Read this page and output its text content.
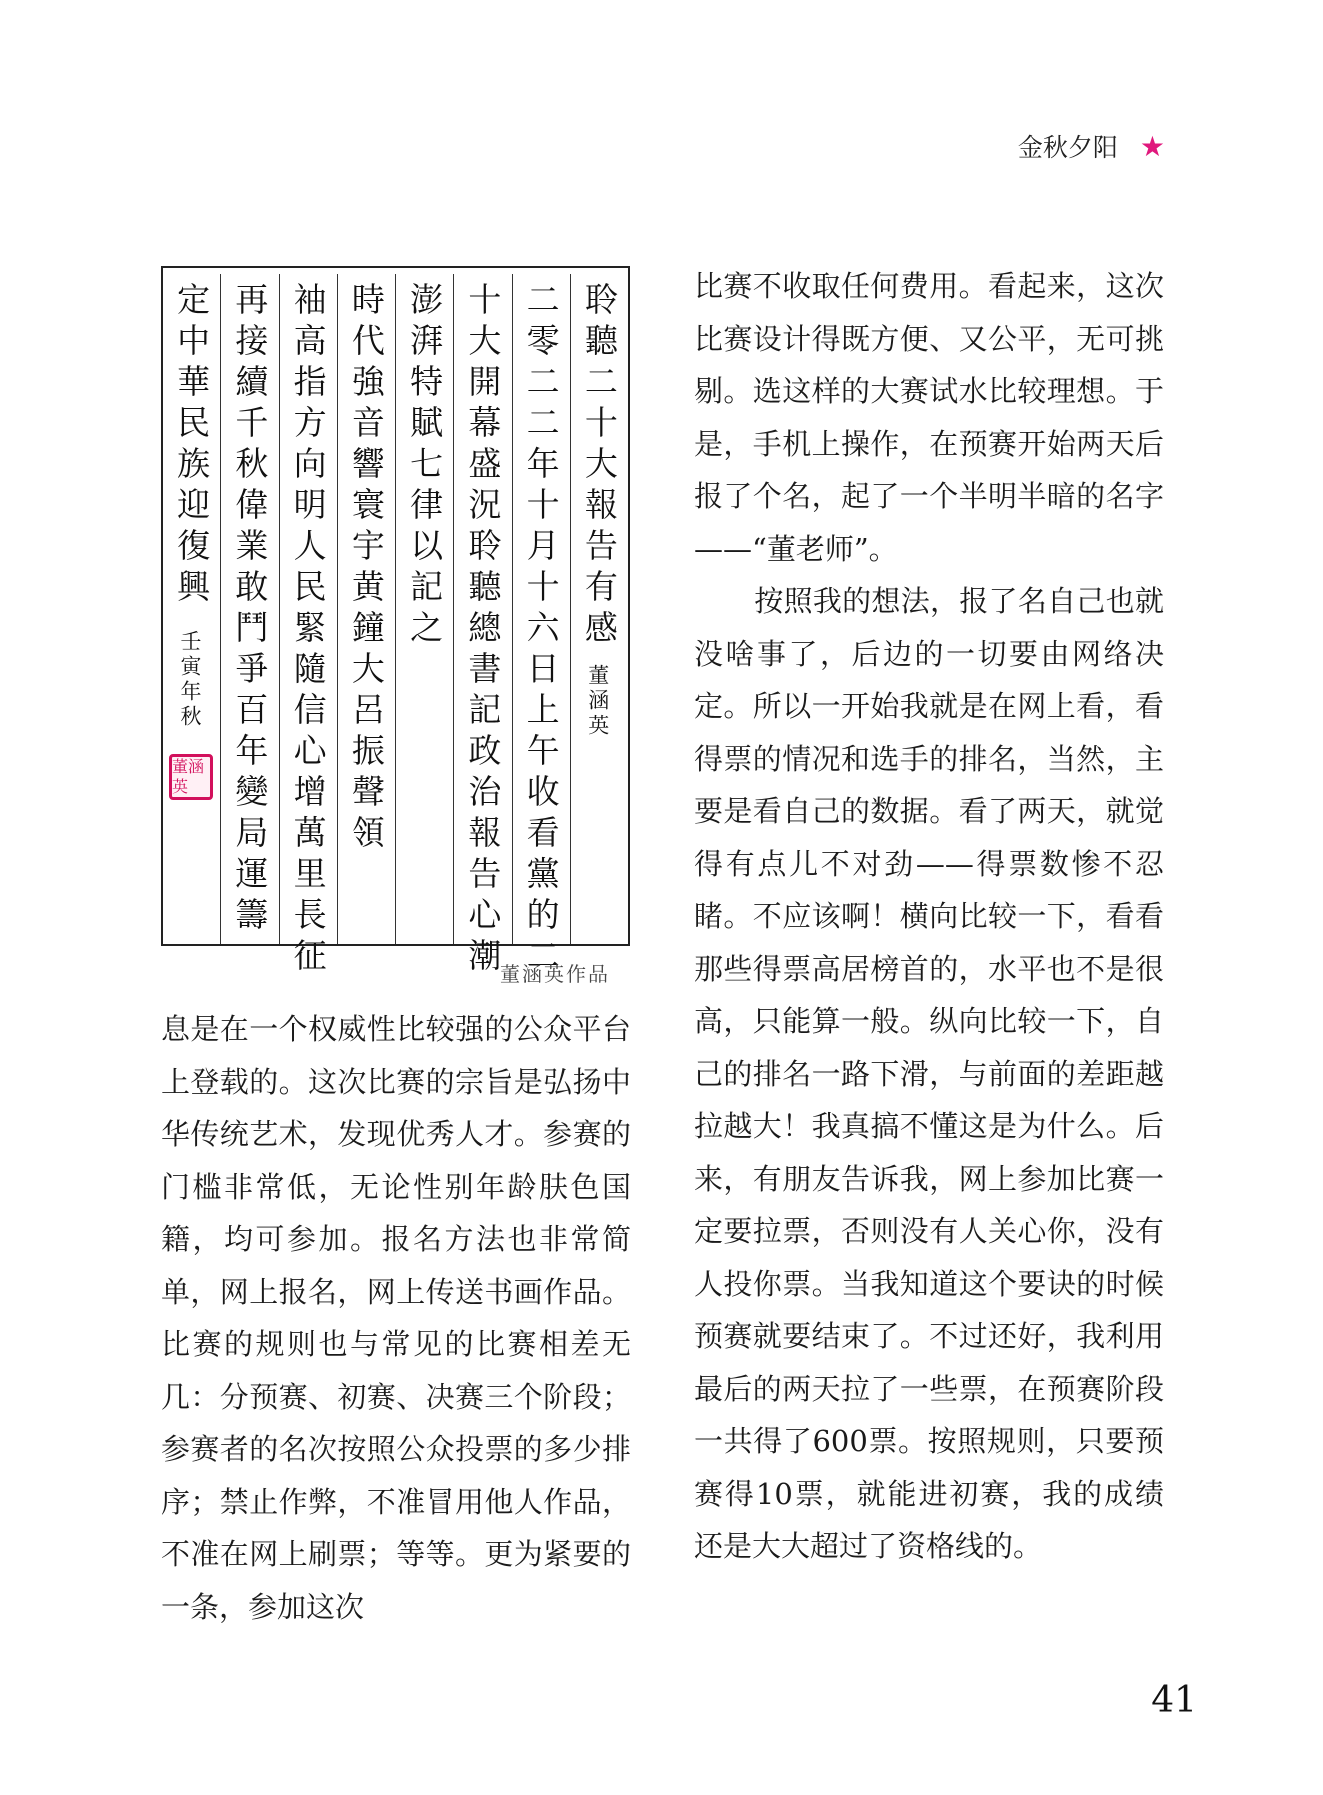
金秋夕阳 ★
聆聽二十大報告有感
董涵英
二零二二年十月十六日上午收看黨的二
十大開幕盛況聆聽總書記政治報告心潮
澎湃特賦七律以記之
時代強音響寰宇黄鐘大呂振聲領
袖高指方向明人民緊隨信心增萬里長征
再接續千秋偉業敢鬥爭百年變局運籌
定中華民族迎復興
壬寅年秋
董涵英
董涵英作品

息是在一个权威性比较强的公众平台上登载的。这次比赛的宗旨是弘扬中华传统艺术，发现优秀人才。参赛的门槛非常低，无论性别年龄肤色国籍，均可参加。报名方法也非常简单，网上报名，网上传送书画作品。比赛的规则也与常见的比赛相差无几：分预赛、初赛、决赛三个阶段；参赛者的名次按照公众投票的多少排序；禁止作弊，不准冒用他人作品，不准在网上刷票；等等。更为紧要的一条，参加这次

比赛不收取任何费用。看起来，这次比赛设计得既方便、又公平，无可挑剔。选这样的大赛试水比较理想。于是，手机上操作，在预赛开始两天后报了个名，起了一个半明半暗的名字——“董老师”。
按照我的想法，报了名自己也就没啥事了，后边的一切要由网络决定。所以一开始我就是在网上看，看得票的情况和选手的排名，当然，主要是看自己的数据。看了两天，就觉得有点儿不对劲——得票数惨不忍睹。不应该啊！横向比较一下，看看那些得票高居榜首的，水平也不是很高，只能算一般。纵向比较一下，自己的排名一路下滑，与前面的差距越拉越大！我真搞不懂这是为什么。后来，有朋友告诉我，网上参加比赛一定要拉票，否则没有人关心你，没有人投你票。当我知道这个要诀的时候预赛就要结束了。不过还好，我利用最后的两天拉了一些票，在预赛阶段一共得了600票。按照规则，只要预赛得10票，就能进初赛，我的成绩还是大大超过了资格线的。
41
